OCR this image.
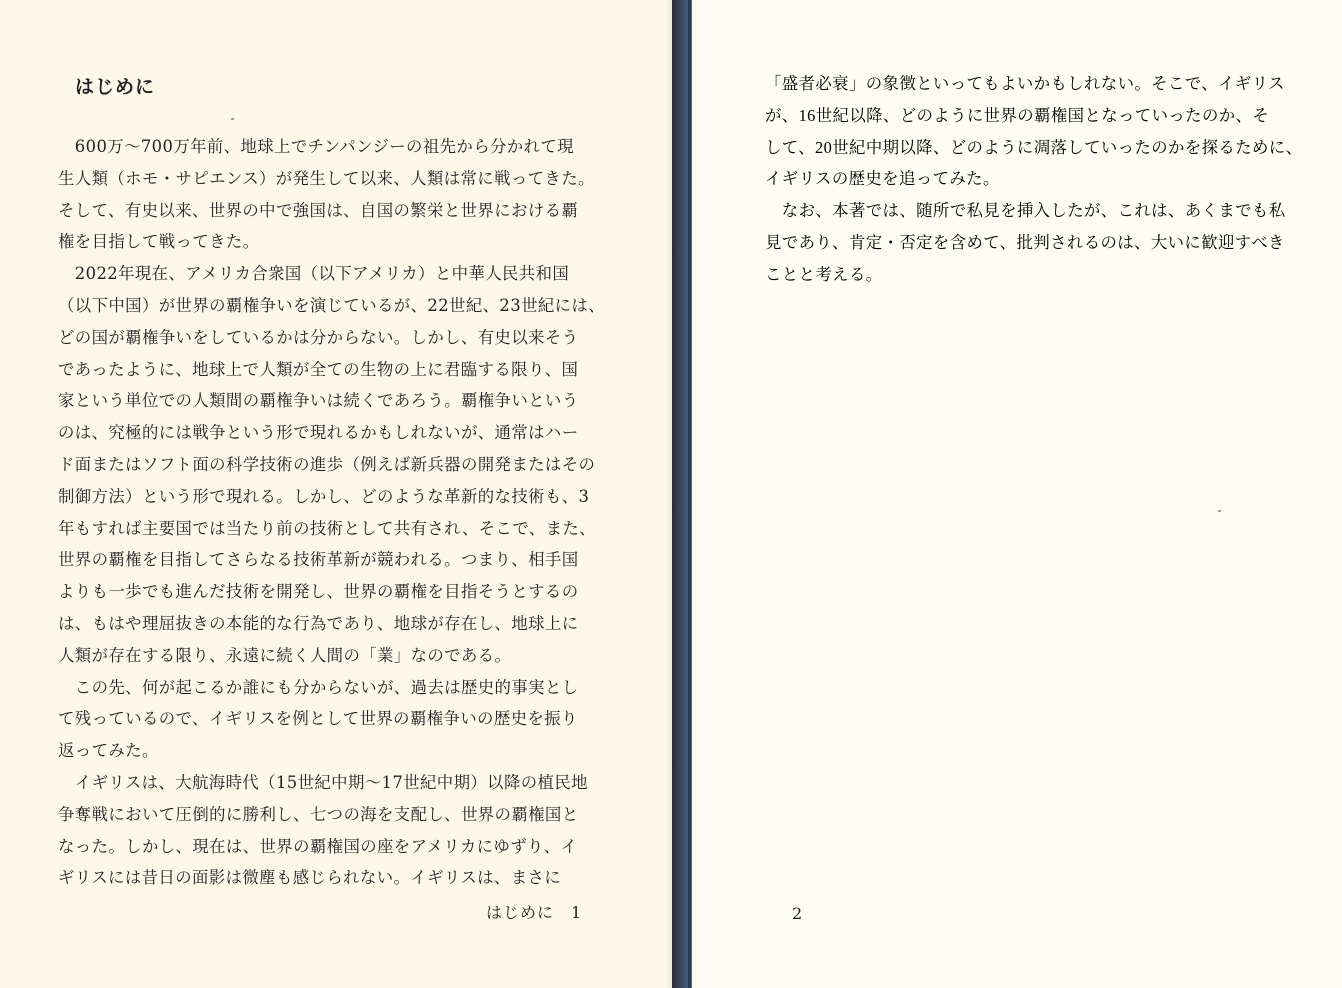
はじめに
　600万〜700万年前、地球上でチンパンジーの祖先から分かれて現
生人類（ホモ・サピエンス）が発生して以来、人類は常に戦ってきた。
そして、有史以来、世界の中で強国は、自国の繁栄と世界における覇
権を目指して戦ってきた。
　2022年現在、アメリカ合衆国（以下アメリカ）と中華人民共和国
（以下中国）が世界の覇権争いを演じているが、22世紀、23世紀には、
どの国が覇権争いをしているかは分からない。しかし、有史以来そう
であったように、地球上で人類が全ての生物の上に君臨する限り、国
家という単位での人類間の覇権争いは続くであろう。覇権争いという
のは、究極的には戦争という形で現れるかもしれないが、通常はハー
ド面またはソフト面の科学技術の進歩（例えば新兵器の開発またはその
制御方法）という形で現れる。しかし、どのような革新的な技術も、3
年もすれば主要国では当たり前の技術として共有され、そこで、また、
世界の覇権を目指してさらなる技術革新が競われる。つまり、相手国
よりも一歩でも進んだ技術を開発し、世界の覇権を目指そうとするの
は、もはや理屈抜きの本能的な行為であり、地球が存在し、地球上に
人類が存在する限り、永遠に続く人間の「業」なのである。
　この先、何が起こるか誰にも分からないが、過去は歴史的事実とし
て残っているので、イギリスを例として世界の覇権争いの歴史を振り
返ってみた。
　イギリスは、大航海時代（15世紀中期〜17世紀中期）以降の植民地
争奪戦において圧倒的に勝利し、七つの海を支配し、世界の覇権国と
なった。しかし、現在は、世界の覇権国の座をアメリカにゆずり、イ
ギリスには昔日の面影は微塵も感じられない。イギリスは、まさに
はじめに　1
「盛者必衰」の象徴といってもよいかもしれない。そこで、イギリス
が、16世紀以降、どのように世界の覇権国となっていったのか、そ
して、20世紀中期以降、どのように凋落していったのかを探るために、
イギリスの歴史を追ってみた。
　なお、本著では、随所で私見を挿入したが、これは、あくまでも私
見であり、肯定・否定を含めて、批判されるのは、大いに歓迎すべき
ことと考える。
2
